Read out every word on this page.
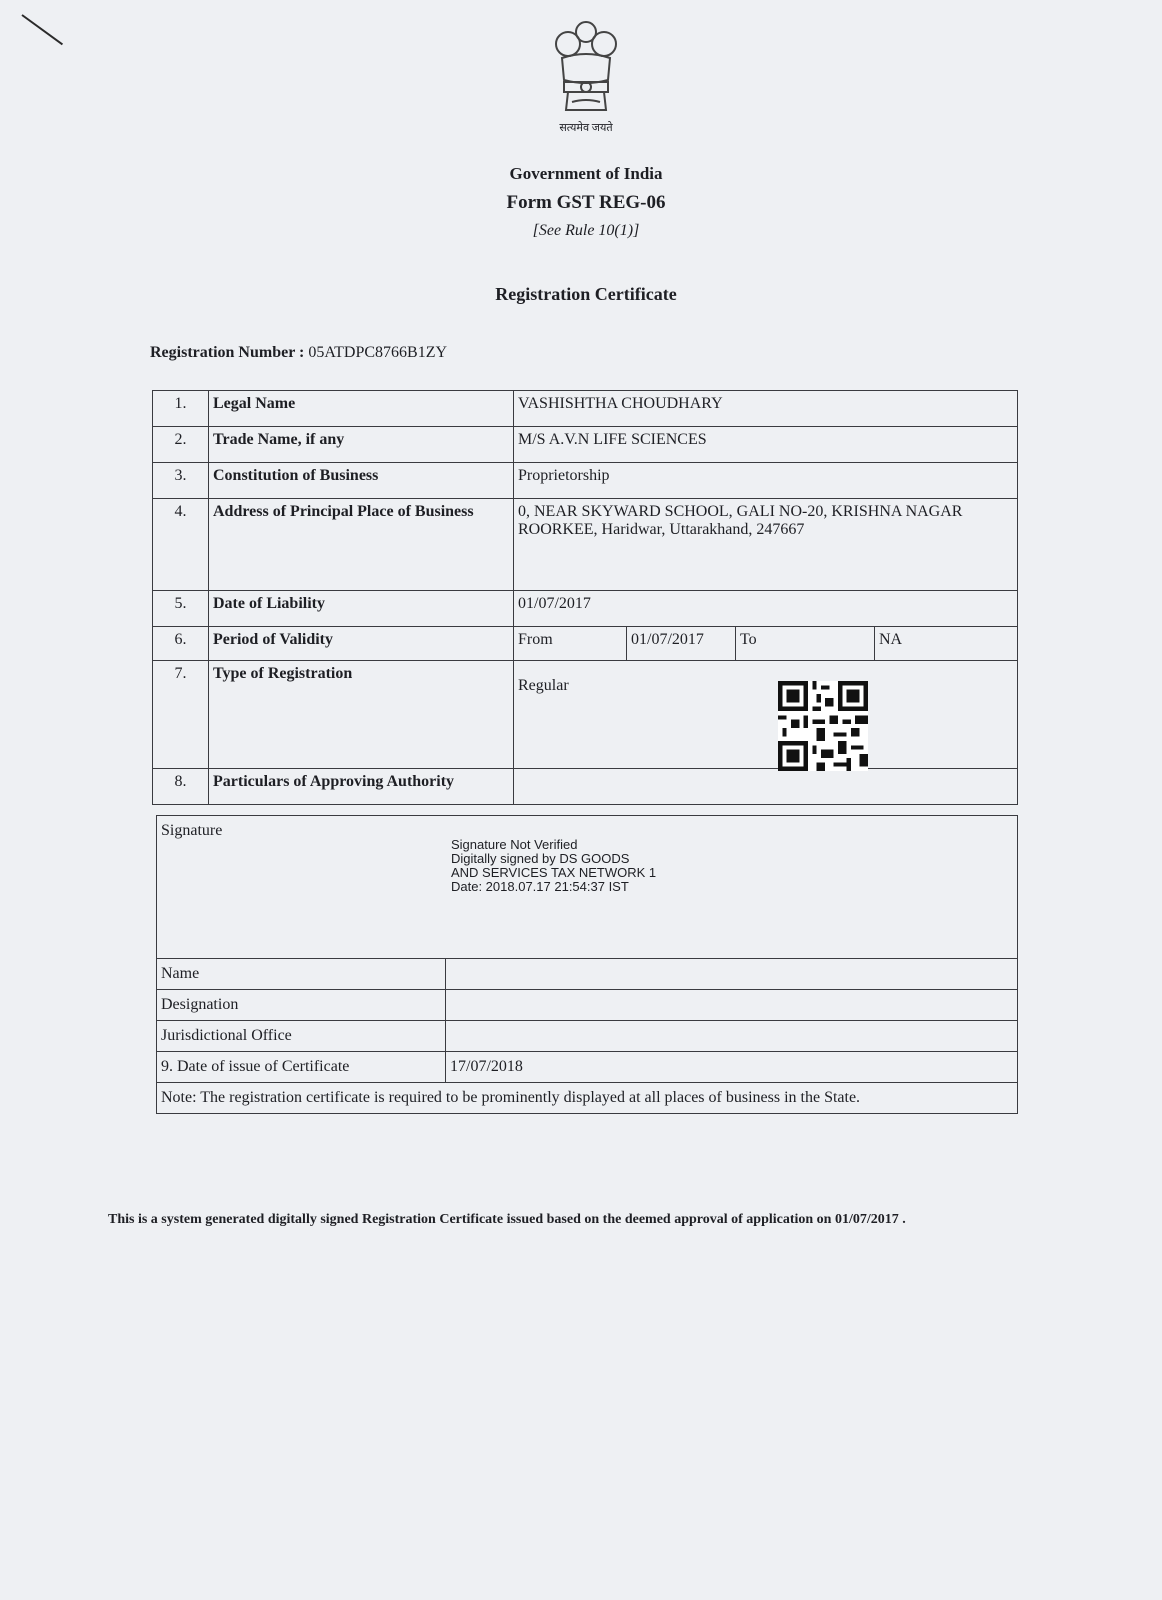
सत्यमेव जयते
Government of India
Form GST REG-06
[See Rule 10(1)]
Registration Certificate
Registration Number : 05ATDPC8766B1ZY
1.	Legal Name	VASHISHTHA CHOUDHARY			
2.	Trade Name, if any	M/S A.V.N LIFE SCIENCES			
3.	Constitution of Business	Proprietorship			
4.	Address of Principal Place of Business	0, NEAR SKYWARD SCHOOL, GALI NO-20, KRISHNA NAGAR ROORKEE, Haridwar, Uttarakhand, 247667			
5.	Date of Liability	01/07/2017			
6.	Period of Validity	From	01/07/2017	To	NA
7.	Type of Registration	Regular			

8.	Particulars of Approving Authority				
Signature
Signature Not Verified
Digitally signed by DS GOODS
AND SERVICES TAX NETWORK 1
Date: 2018.07.17 21:54:37 IST	

Name	
Designation	
Jurisdictional Office	
9. Date of issue of Certificate	17/07/2018
Note: The registration certificate is required to be prominently displayed at all places of business in the State.	
This is a system generated digitally signed Registration Certificate issued based on the deemed approval of application on 01/07/2017 .
